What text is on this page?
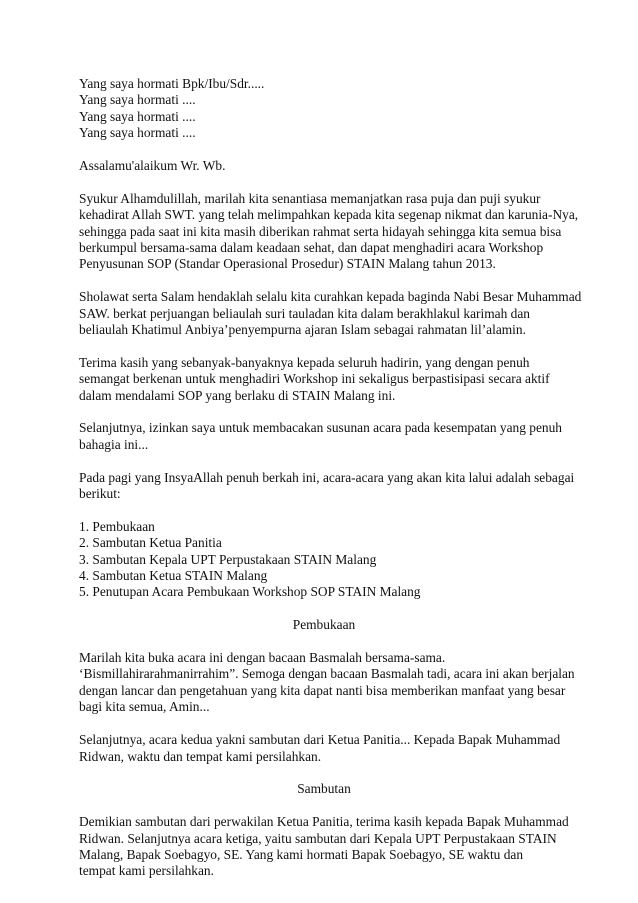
Yang saya hormati Bpk/Ibu/Sdr.....
Yang saya hormati ....
Yang saya hormati ....
Yang saya hormati ....
Assalamu'alaikum Wr. Wb.
Syukur Alhamdulillah, marilah kita senantiasa memanjatkan rasa puja dan puji syukur
kehadirat Allah SWT. yang telah melimpahkan kepada kita segenap nikmat dan karunia-Nya,
sehingga pada saat ini kita masih diberikan rahmat serta hidayah sehingga kita semua bisa
berkumpul bersama-sama dalam keadaan sehat, dan dapat menghadiri acara Workshop
Penyusunan SOP (Standar Operasional Prosedur) STAIN Malang tahun 2013.
Sholawat serta Salam hendaklah selalu kita curahkan kepada baginda Nabi Besar Muhammad
SAW. berkat perjuangan beliaulah suri tauladan kita dalam berakhlakul karimah dan
beliaulah Khatimul Anbiya’penyempurna ajaran Islam sebagai rahmatan lil’alamin.
Terima kasih yang sebanyak-banyaknya kepada seluruh hadirin, yang dengan penuh
semangat berkenan untuk menghadiri Workshop ini sekaligus berpastisipasi secara aktif
dalam mendalami SOP yang berlaku di STAIN Malang ini.
Selanjutnya, izinkan saya untuk membacakan susunan acara pada kesempatan yang penuh
bahagia ini...
Pada pagi yang InsyaAllah penuh berkah ini, acara-acara yang akan kita lalui adalah sebagai
berikut:
1. Pembukaan
2. Sambutan Ketua Panitia
3. Sambutan Kepala UPT Perpustakaan STAIN Malang
4. Sambutan Ketua STAIN Malang
5. Penutupan Acara Pembukaan Workshop SOP STAIN Malang
Pembukaan
Marilah kita buka acara ini dengan bacaan Basmalah bersama-sama.
‘Bismillahirarahmanirrahim”. Semoga dengan bacaan Basmalah tadi, acara ini akan berjalan
dengan lancar dan pengetahuan yang kita dapat nanti bisa memberikan manfaat yang besar
bagi kita semua, Amin...
Selanjutnya, acara kedua yakni sambutan dari Ketua Panitia... Kepada Bapak Muhammad
Ridwan, waktu dan tempat kami persilahkan.
Sambutan
Demikian sambutan dari perwakilan Ketua Panitia, terima kasih kepada Bapak Muhammad
Ridwan. Selanjutnya acara ketiga, yaitu sambutan dari Kepala UPT Perpustakaan STAIN
Malang, Bapak Soebagyo, SE. Yang kami hormati Bapak Soebagyo, SE waktu dan
tempat kami persilahkan.
